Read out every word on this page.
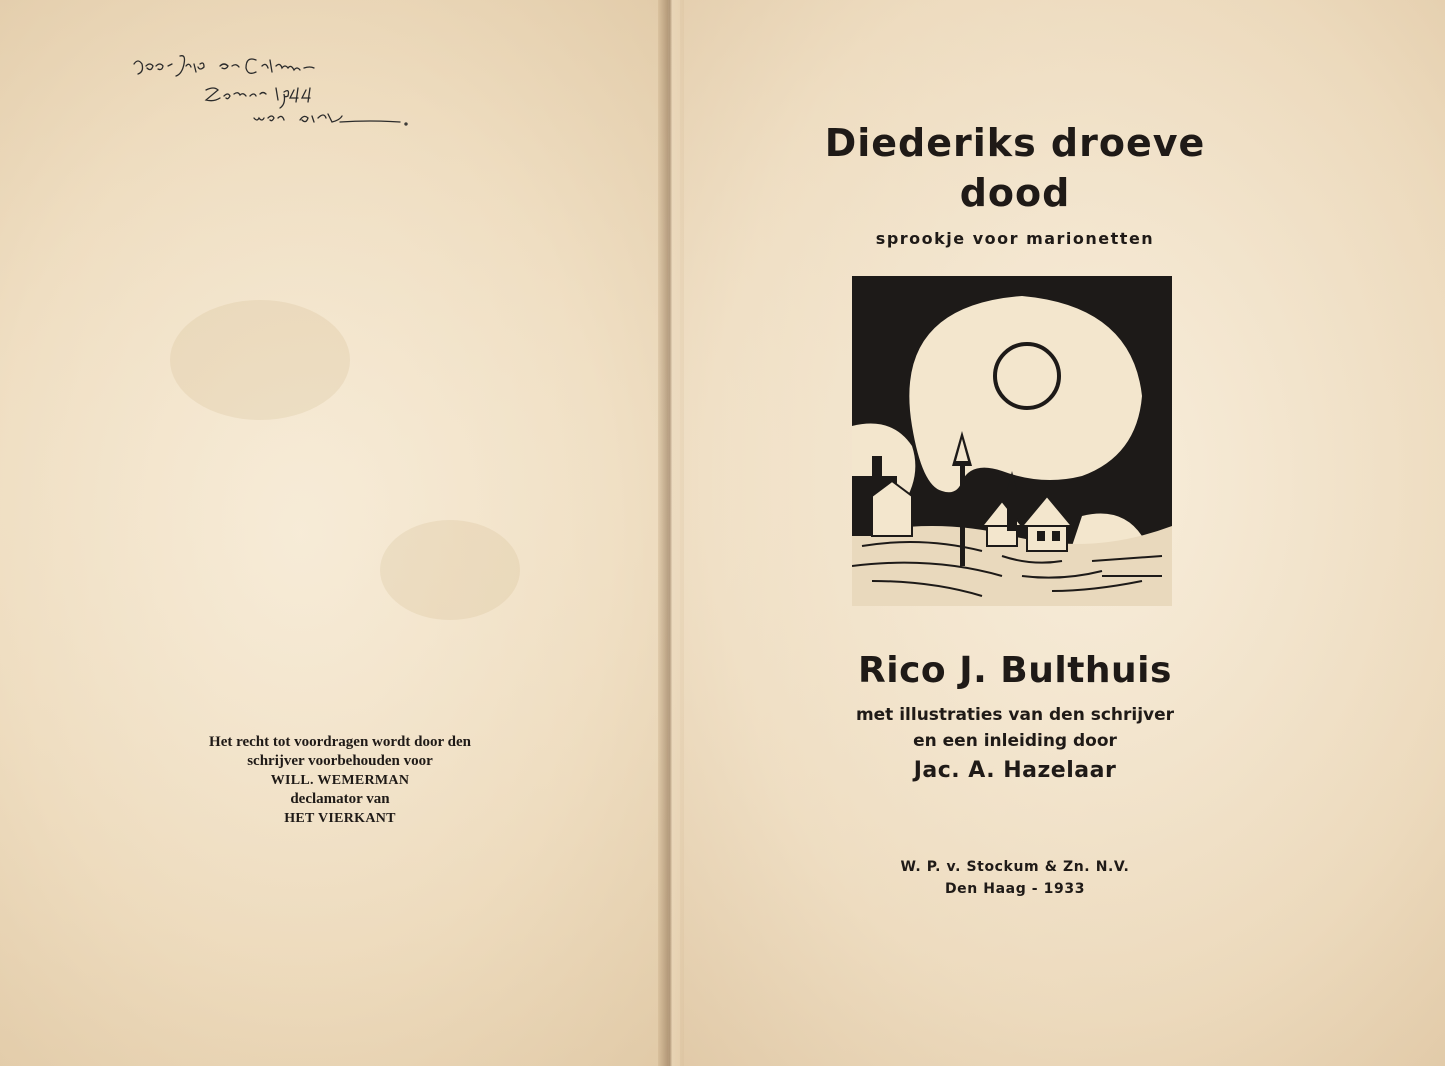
Het recht tot voordragen wordt door den
schrijver voorbehouden voor
WILL. WEMERMAN
declamator van
HET VIERKANT
Diederiks droeve
dood
sprookje voor marionetten
Rico J. Bulthuis
met illustraties van den schrijver
en een inleiding door
Jac. A. Hazelaar
W. P. v. Stockum & Zn. N.V.
Den Haag - 1933
